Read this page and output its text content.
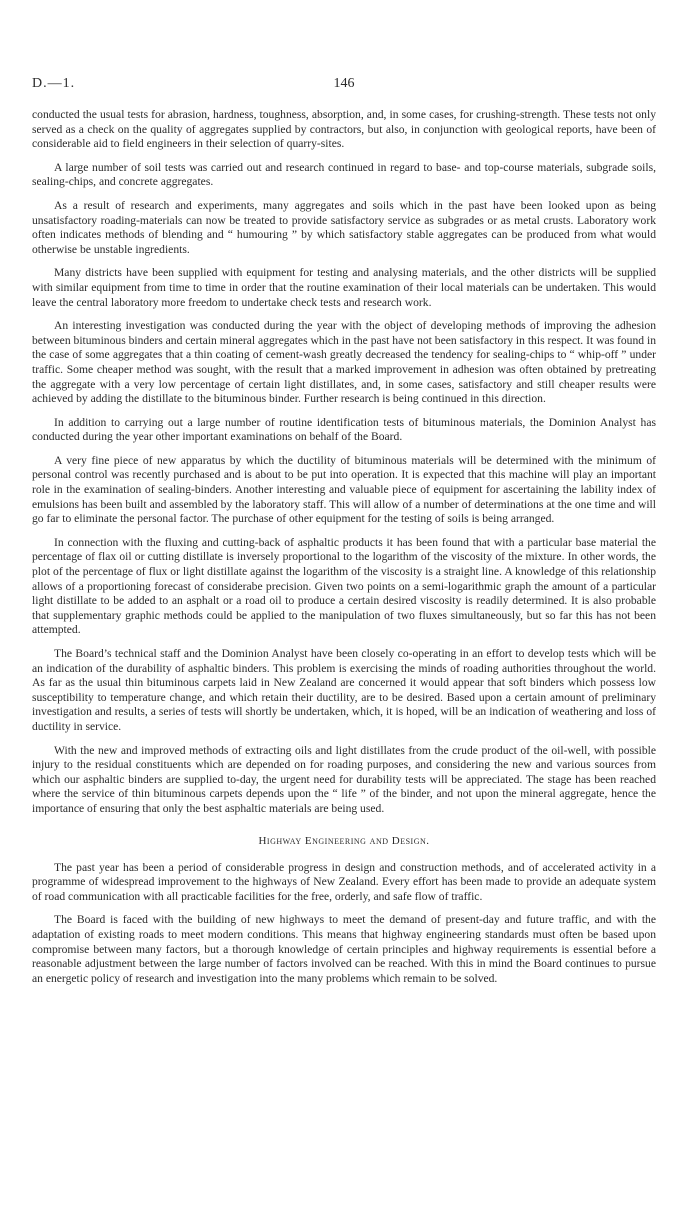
D.—1.	146

conducted the usual tests for abrasion, hardness, toughness, absorption, and, in some cases, for crushing-strength. These tests not only served as a check on the quality of aggregates supplied by contractors, but also, in conjunction with geological reports, have been of considerable aid to field engineers in their selection of quarry-sites.

A large number of soil tests was carried out and research continued in regard to base- and top-course materials, subgrade soils, sealing-chips, and concrete aggregates.

As a result of research and experiments, many aggregates and soils which in the past have been looked upon as being unsatisfactory roading-materials can now be treated to provide satisfactory service as subgrades or as metal crusts. Laboratory work often indicates methods of blending and “ humouring ” by which satisfactory stable aggregates can be produced from what would otherwise be unstable ingredients.

Many districts have been supplied with equipment for testing and analysing materials, and the other districts will be supplied with similar equipment from time to time in order that the routine examination of their local materials can be undertaken. This would leave the central laboratory more freedom to undertake check tests and research work.

An interesting investigation was conducted during the year with the object of developing methods of improving the adhesion between bituminous binders and certain mineral aggregates which in the past have not been satisfactory in this respect. It was found in the case of some aggregates that a thin coating of cement-wash greatly decreased the tendency for sealing-chips to “ whip-off ” under traffic. Some cheaper method was sought, with the result that a marked improvement in adhesion was often obtained by pretreating the aggregate with a very low percentage of certain light distillates, and, in some cases, satisfactory and still cheaper results were achieved by adding the distillate to the bituminous binder. Further research is being continued in this direction.

In addition to carrying out a large number of routine identification tests of bituminous materials, the Dominion Analyst has conducted during the year other important examinations on behalf of the Board.

A very fine piece of new apparatus by which the ductility of bituminous materials will be determined with the minimum of personal control was recently purchased and is about to be put into operation. It is expected that this machine will play an important role in the examination of sealing-binders. Another interesting and valuable piece of equipment for ascertaining the lability index of emulsions has been built and assembled by the laboratory staff. This will allow of a number of determinations at the one time and will go far to eliminate the personal factor. The purchase of other equipment for the testing of soils is being arranged.

In connection with the fluxing and cutting-back of asphaltic products it has been found that with a particular base material the percentage of flax oil or cutting distillate is inversely proportional to the logarithm of the viscosity of the mixture. In other words, the plot of the percentage of flux or light distillate against the logarithm of the viscosity is a straight line. A knowledge of this relationship allows of a proportioning forecast of considerabe precision. Given two points on a semi-logarithmic graph the amount of a particular light distillate to be added to an asphalt or a road oil to produce a certain desired viscosity is readily determined. It is also probable that supplementary graphic methods could be applied to the manipulation of two fluxes simultaneously, but so far this has not been attempted.

The Board’s technical staff and the Dominion Analyst have been closely co-operating in an effort to develop tests which will be an indication of the durability of asphaltic binders. This problem is exercising the minds of roading authorities throughout the world. As far as the usual thin bituminous carpets laid in New Zealand are concerned it would appear that soft binders which possess low susceptibility to temperature change, and which retain their ductility, are to be desired. Based upon a certain amount of preliminary investigation and results, a series of tests will shortly be undertaken, which, it is hoped, will be an indication of weathering and loss of ductility in service.

With the new and improved methods of extracting oils and light distillates from the crude product of the oil-well, with possible injury to the residual constituents which are depended on for roading purposes, and considering the new and various sources from which our asphaltic binders are supplied to-day, the urgent need for durability tests will be appreciated. The stage has been reached where the service of thin bituminous carpets depends upon the “ life ” of the binder, and not upon the mineral aggregate, hence the importance of ensuring that only the best asphaltic materials are being used.

Highway Engineering and Design.

The past year has been a period of considerable progress in design and construction methods, and of accelerated activity in a programme of widespread improvement to the highways of New Zealand. Every effort has been made to provide an adequate system of road communication with all practicable facilities for the free, orderly, and safe flow of traffic.

The Board is faced with the building of new highways to meet the demand of present-day and future traffic, and with the adaptation of existing roads to meet modern conditions. This means that highway engineering standards must often be based upon compromise between many factors, but a thorough knowledge of certain principles and highway requirements is essential before a reasonable adjustment between the large number of factors involved can be reached. With this in mind the Board continues to pursue an energetic policy of research and investigation into the many problems which remain to be solved.
